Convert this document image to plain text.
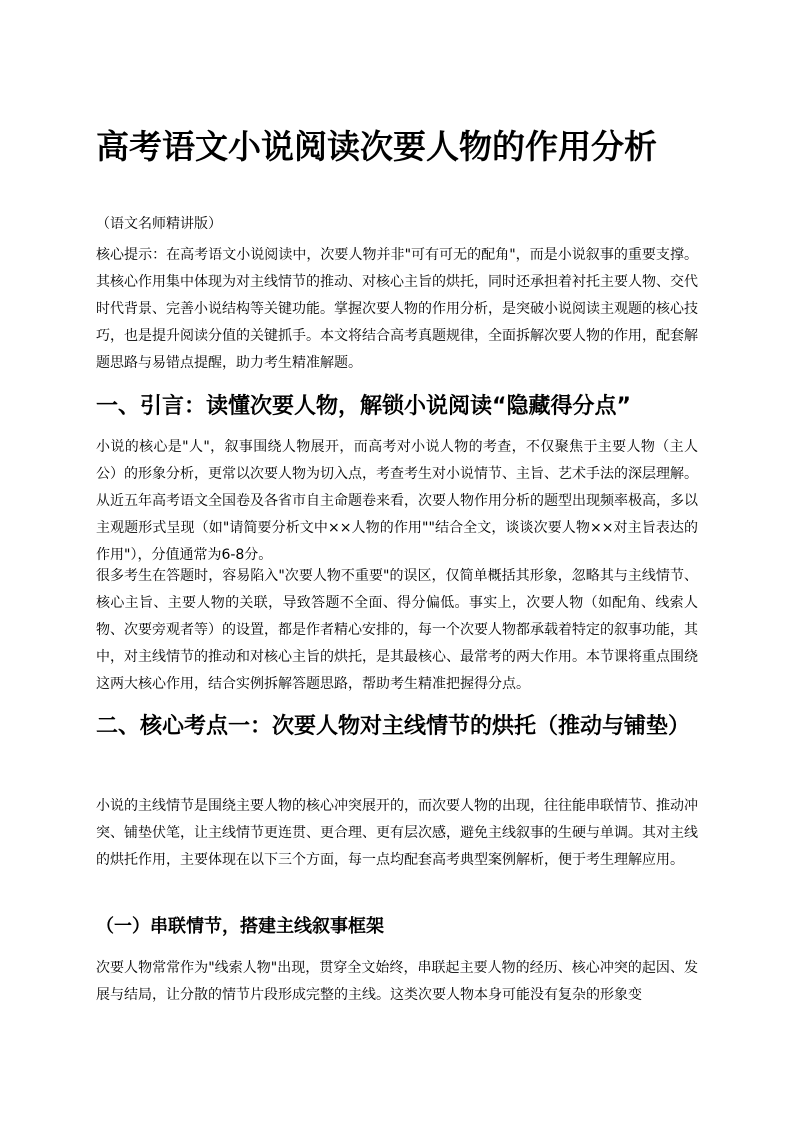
高考语文小说阅读次要人物的作用分析

（语文名师精讲版）

核心提示：在高考语文小说阅读中，次要人物并非"可有可无的配角"，而是小说叙事的重要支撑。其核心作用集中体现为对主线情节的推动、对核心主旨的烘托，同时还承担着衬托主要人物、交代时代背景、完善小说结构等关键功能。掌握次要人物的作用分析，是突破小说阅读主观题的核心技巧，也是提升阅读分值的关键抓手。本文将结合高考真题规律，全面拆解次要人物的作用，配套解题思路与易错点提醒，助力考生精准解题。

一、引言：读懂次要人物，解锁小说阅读“隐藏得分点”

小说的核心是"人"，叙事围绕人物展开，而高考对小说人物的考查，不仅聚焦于主要人物（主人公）的形象分析，更常以次要人物为切入点，考查考生对小说情节、主旨、艺术手法的深层理解。从近五年高考语文全国卷及各省市自主命题卷来看，次要人物作用分析的题型出现频率极高，多以主观题形式呈现（如"请简要分析文中××人物的作用""结合全文，谈谈次要人物××对主旨表达的作用"），分值通常为6-8分。

很多考生在答题时，容易陷入"次要人物不重要"的误区，仅简单概括其形象，忽略其与主线情节、核心主旨、主要人物的关联，导致答题不全面、得分偏低。事实上，次要人物（如配角、线索人物、次要旁观者等）的设置，都是作者精心安排的，每一个次要人物都承载着特定的叙事功能，其中，对主线情节的推动和对核心主旨的烘托，是其最核心、最常考的两大作用。本节课将重点围绕这两大核心作用，结合实例拆解答题思路，帮助考生精准把握得分点。

二、核心考点一：次要人物对主线情节的烘托（推动与铺垫）

小说的主线情节是围绕主要人物的核心冲突展开的，而次要人物的出现，往往能串联情节、推动冲突、铺垫伏笔，让主线情节更连贯、更合理、更有层次感，避免主线叙事的生硬与单调。其对主线的烘托作用，主要体现在以下三个方面，每一点均配套高考典型案例解析，便于考生理解应用。

（一）串联情节，搭建主线叙事框架

次要人物常常作为"线索人物"出现，贯穿全文始终，串联起主要人物的经历、核心冲突的起因、发展与结局，让分散的情节片段形成完整的主线。这类次要人物本身可能没有复杂的形象变
